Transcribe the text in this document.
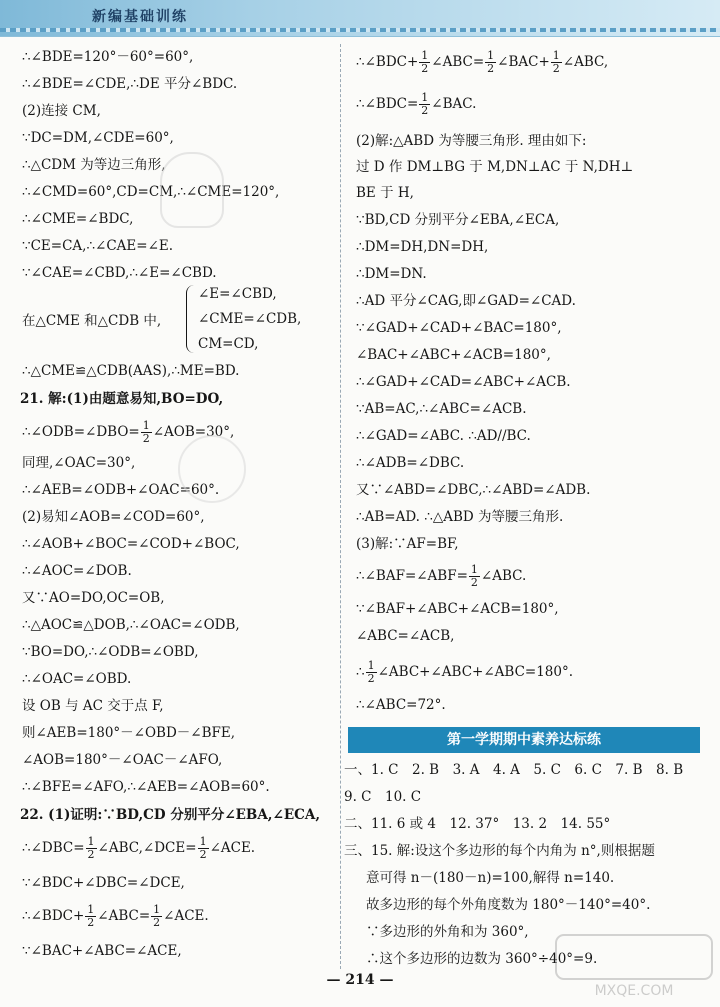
新编基础训练
∴∠BDE=120°－60°=60°,
∴∠BDE=∠CDE,∴DE 平分∠BDC.
(2)连接 CM,
∵DC=DM,∠CDE=60°,
∴△CDM 为等边三角形,
∴∠CMD=60°,CD=CM,∴∠CME=120°,
∴∠CME=∠BDC,
∵CE=CA,∴∠CAE=∠E.
∵∠CAE=∠CBD,∴∠E=∠CBD.
在△CME 和△CDB 中,
∠E=∠CBD,
∠CME=∠CDB,
CM=CD,
∴△CME≌△CDB(AAS),∴ME=BD.
21. 解:(1)由题意易知,BO=DO,
∴∠ODB=∠DBO= $\frac{1}{2}$ ∠AOB=30°,
同理,∠OAC=30°,
∴∠AEB=∠ODB+∠OAC=60°.
(2)易知∠AOB=∠COD=60°,
∴∠AOB+∠BOC=∠COD+∠BOC,
∴∠AOC=∠DOB.
又∵AO=DO,OC=OB,
∴△AOC≌△DOB,∴∠OAC=∠ODB,
∵BO=DO,∴∠ODB=∠OBD,
∴∠OAC=∠OBD.
设 OB 与 AC 交于点 F,
则∠AEB=180°－∠OBD－∠BFE,
∠AOB=180°－∠OAC－∠AFO,
∴∠BFE=∠AFO,∴∠AEB=∠AOB=60°.
22. (1)证明:∵BD,CD 分别平分∠EBA,∠ECA,
∴∠DBC= $\frac{1}{2}$ ∠ABC,∠DCE= $\frac{1}{2}$ ∠ACE.
∵∠BDC+∠DBC=∠DCE,
∴∠BDC+ $\frac{1}{2}$ ∠ABC= $\frac{1}{2}$ ∠ACE.
∵∠BAC+∠ABC=∠ACE,
∴∠BDC+ $\frac{1}{2}$ ∠ABC= $\frac{1}{2}$ ∠BAC+ $\frac{1}{2}$ ∠ABC,
∴∠BDC= $\frac{1}{2}$ ∠BAC.
(2)解:△ABD 为等腰三角形. 理由如下:
过 D 作 DM⊥BG 于 M,DN⊥AC 于 N,DH⊥
BE 于 H,
∵BD,CD 分别平分∠EBA,∠ECA,
∴DM=DH,DN=DH,
∴DM=DN.
∴AD 平分∠CAG,即∠GAD=∠CAD.
∵∠GAD+∠CAD+∠BAC=180°,
∠BAC+∠ABC+∠ACB=180°,
∴∠GAD+∠CAD=∠ABC+∠ACB.
∵AB=AC,∴∠ABC=∠ACB.
∴∠GAD=∠ABC. ∴AD//BC.
∴∠ADB=∠DBC.
又∵∠ABD=∠DBC,∴∠ABD=∠ADB.
∴AB=AD. ∴△ABD 为等腰三角形.
(3)解:∵AF=BF,
∴∠BAF=∠ABF= $\frac{1}{2}$ ∠ABC.
∵∠BAF+∠ABC+∠ACB=180°,
∠ABC=∠ACB,
∴ $\frac{1}{2}$ ∠ABC+∠ABC+∠ABC=180°.
∴∠ABC=72°.
第一学期期中素养达标练
一、1. C　2. B　3. A　4. A　5. C　6. C　7. B　8. B
9. C　10. C
二、11. 6 或 4　12. 37°　13. 2　14. 55°
三、15. 解:设这个多边形的每个内角为 n°,则根据题
意可得 n－(180－n)=100,解得 n=140.
故多边形的每个外角度数为 180°－140°=40°.
∵多边形的外角和为 360°,
∴这个多边形的边数为 360°÷40°=9.
— 214 —
MXQE.COM
